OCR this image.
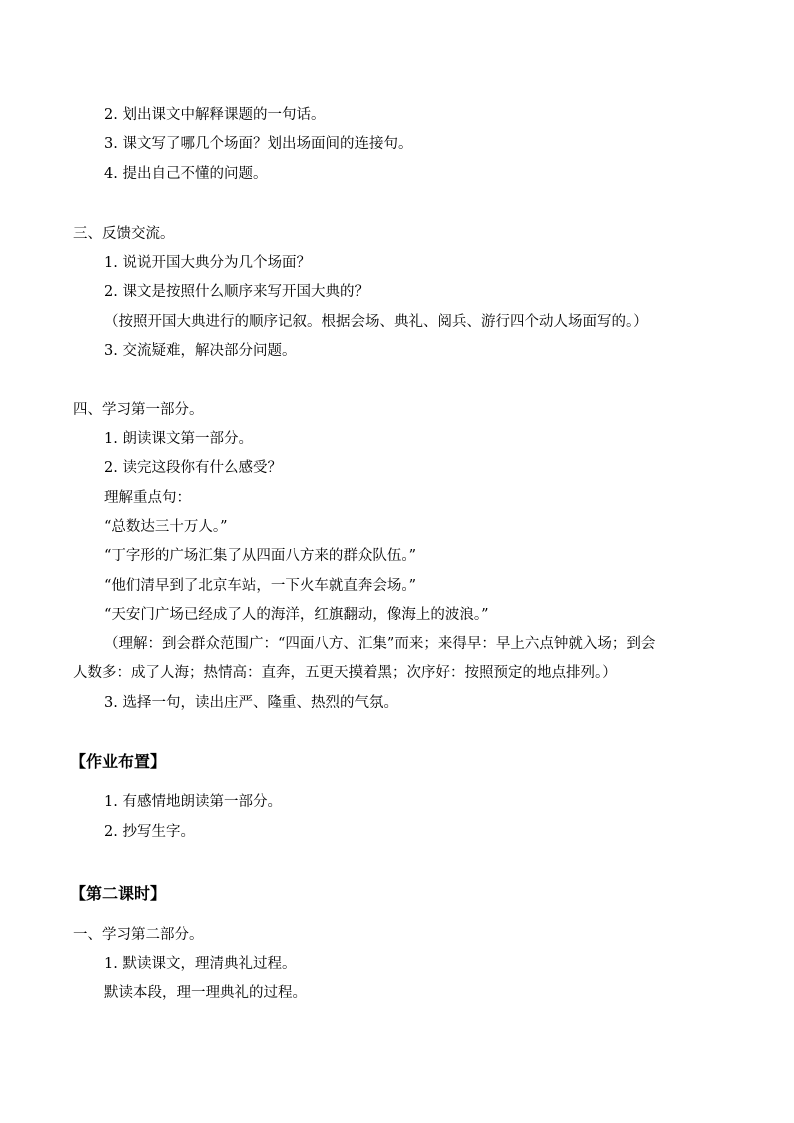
2. 划出课文中解释课题的一句话。
3. 课文写了哪几个场面？划出场面间的连接句。
4. 提出自己不懂的问题。
三、反馈交流。
1. 说说开国大典分为几个场面？
2. 课文是按照什么顺序来写开国大典的？
（按照开国大典进行的顺序记叙。根据会场、典礼、阅兵、游行四个动人场面写的。）
3. 交流疑难，解决部分问题。
四、学习第一部分。
1. 朗读课文第一部分。
2. 读完这段你有什么感受？
理解重点句：
“总数达三十万人。”
“丁字形的广场汇集了从四面八方来的群众队伍。”
“他们清早到了北京车站，一下火车就直奔会场。”
“天安门广场已经成了人的海洋，红旗翻动，像海上的波浪。”
（理解：到会群众范围广：“四面八方、汇集”而来；来得早：早上六点钟就入场；到会
人数多：成了人海；热情高：直奔，五更天摸着黑；次序好：按照预定的地点排列。）
3. 选择一句，读出庄严、隆重、热烈的气氛。
【作业布置】
1. 有感情地朗读第一部分。
2. 抄写生字。
【第二课时】
一、学习第二部分。
1. 默读课文，理清典礼过程。
默读本段，理一理典礼的过程。
